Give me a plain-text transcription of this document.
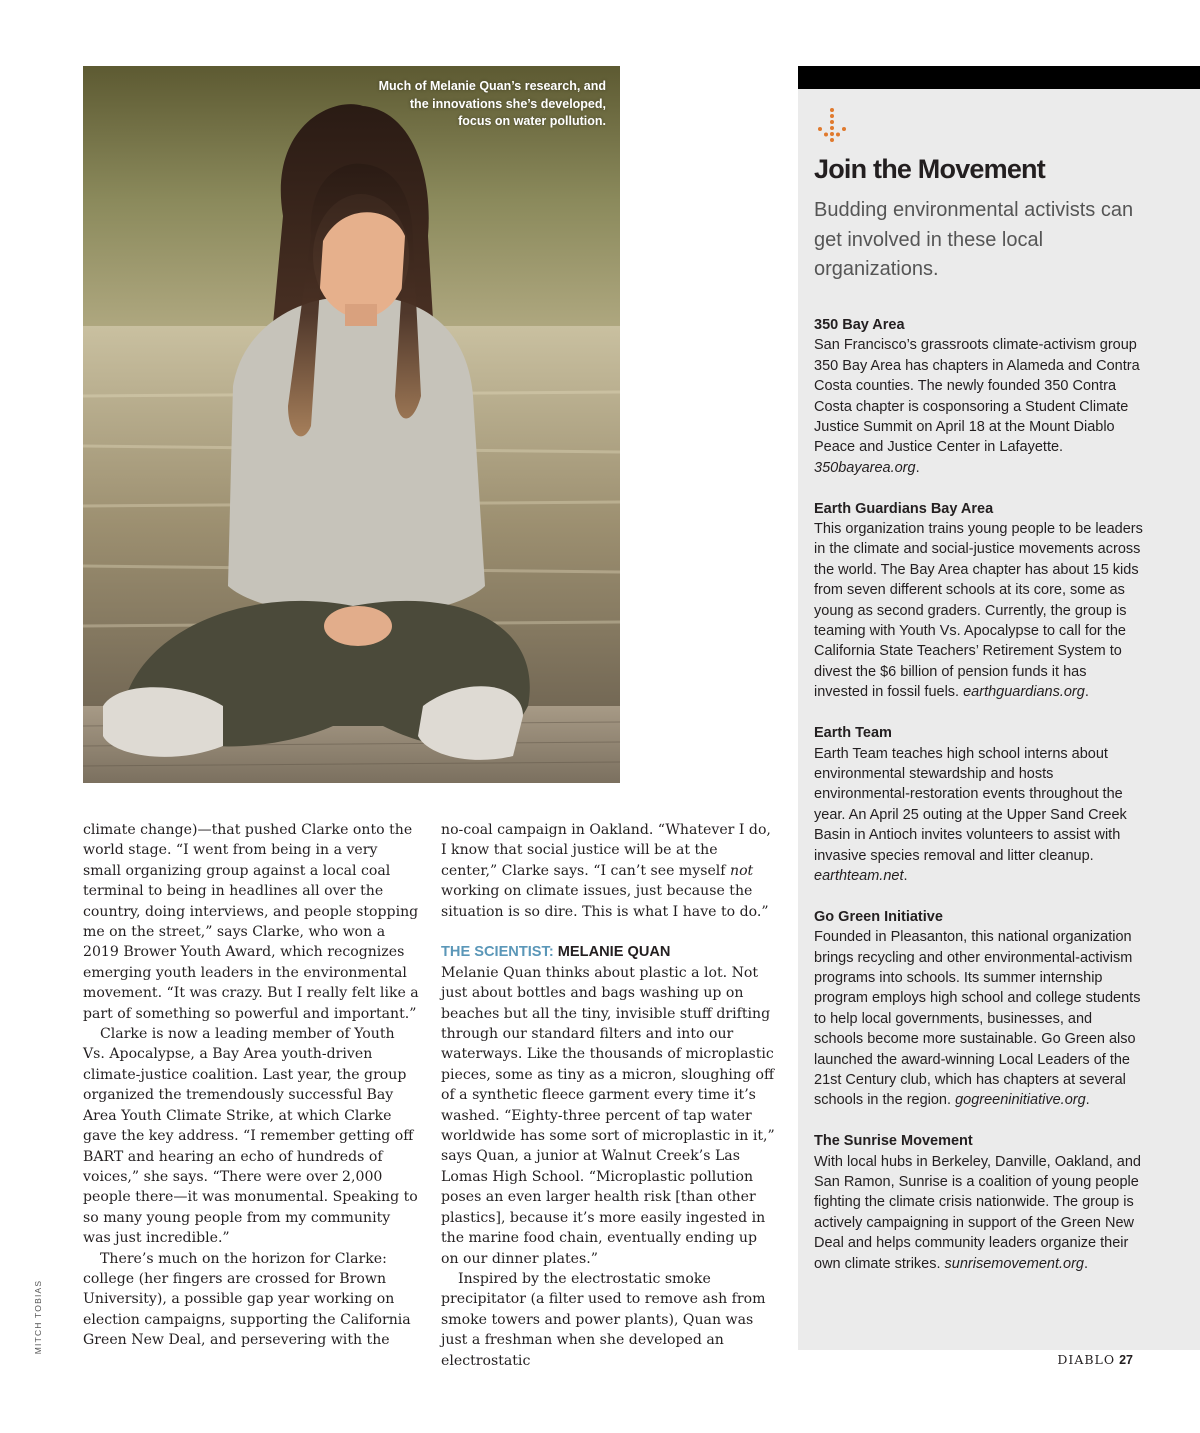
Much of Melanie Quan’s research, and
the innovations she’s developed,
focus on water pollution.
MITCH TOBIAS

climate change)—that pushed Clarke onto the world stage. “I went from being in a very small organizing group against a local coal terminal to being in headlines all over the country, doing interviews, and people stopping me on the street,” says Clarke, who won a 2019 Brower Youth Award, which recognizes emerging youth leaders in the environmental movement. “It was crazy. But I really felt like a part of something so powerful and important.”

Clarke is now a leading member of Youth Vs. Apocalypse, a Bay Area youth-driven climate-justice coalition. Last year, the group organized the tremendously successful Bay Area Youth Climate Strike, at which Clarke gave the key address. “I remember getting off BART and hearing an echo of hundreds of voices,” she says. “There were over 2,000 people there—it was monumental. Speaking to so many young people from my community was just incredible.”

There’s much on the horizon for Clarke: college (her fingers are crossed for Brown University), a possible gap year working on election campaigns, supporting the California Green New Deal, and persevering with the

no-coal campaign in Oakland. “Whatever I do, I know that social justice will be at the center,” Clarke says. “I can’t see myself not working on climate issues, just because the situation is so dire. This is what I have to do.”

THE SCIENTIST: MELANIE QUAN

Melanie Quan thinks about plastic a lot. Not just about bottles and bags washing up on beaches but all the tiny, invisible stuff drifting through our standard filters and into our waterways. Like the thousands of microplastic pieces, some as tiny as a micron, sloughing off of a synthetic fleece garment every time it’s washed. “Eighty-three percent of tap water worldwide has some sort of microplastic in it,” says Quan, a junior at Walnut Creek’s Las Lomas High School. “Microplastic pollution poses an even larger health risk [than other plastics], because it’s more easily ingested in the marine food chain, eventually ending up on our dinner plates.”

Inspired by the electrostatic smoke precipitator (a filter used to remove ash from smoke towers and power plants), Quan was just a freshman when she developed an electrostatic

Join the Movement

Budding environmental activists can get involved in these local organizations.

350 Bay Area
San Francisco’s grassroots climate-activism group 350 Bay Area has chapters in Alameda and Contra Costa counties. The newly founded 350 Contra Costa chapter is cosponsoring a Student Climate Justice Summit on April 18 at the Mount Diablo Peace and Justice Center in Lafayette. 350bayarea.org.
Earth Guardians Bay Area
This organization trains young people to be leaders in the climate and social-justice movements across the world. The Bay Area chapter has about 15 kids from seven different schools at its core, some as young as second graders. Currently, the group is teaming with Youth Vs. Apocalypse to call for the California State Teachers’ Retirement System to divest the $6 billion of pension funds it has invested in fossil fuels. earthguardians.org.
Earth Team
Earth Team teaches high school interns about environmental stewardship and hosts environmental-restoration events throughout the year. An April 25 outing at the Upper Sand Creek Basin in Antioch invites volunteers to assist with invasive species removal and litter cleanup. earthteam.net.
Go Green Initiative
Founded in Pleasanton, this national organization brings recycling and other environmental-activism programs into schools. Its summer internship program employs high school and college students to help local governments, businesses, and schools become more sustainable. Go Green also launched the award-winning Local Leaders of the 21st Century club, which has chapters at several schools in the region. gogreeninitiative.org.
The Sunrise Movement
With local hubs in Berkeley, Danville, Oakland, and San Ramon, Sunrise is a coalition of young people fighting the climate crisis nationwide. The group is actively campaigning in support of the Green New Deal and helps community leaders organize their own climate strikes. sunrisemovement.org.
DIABLO 27
